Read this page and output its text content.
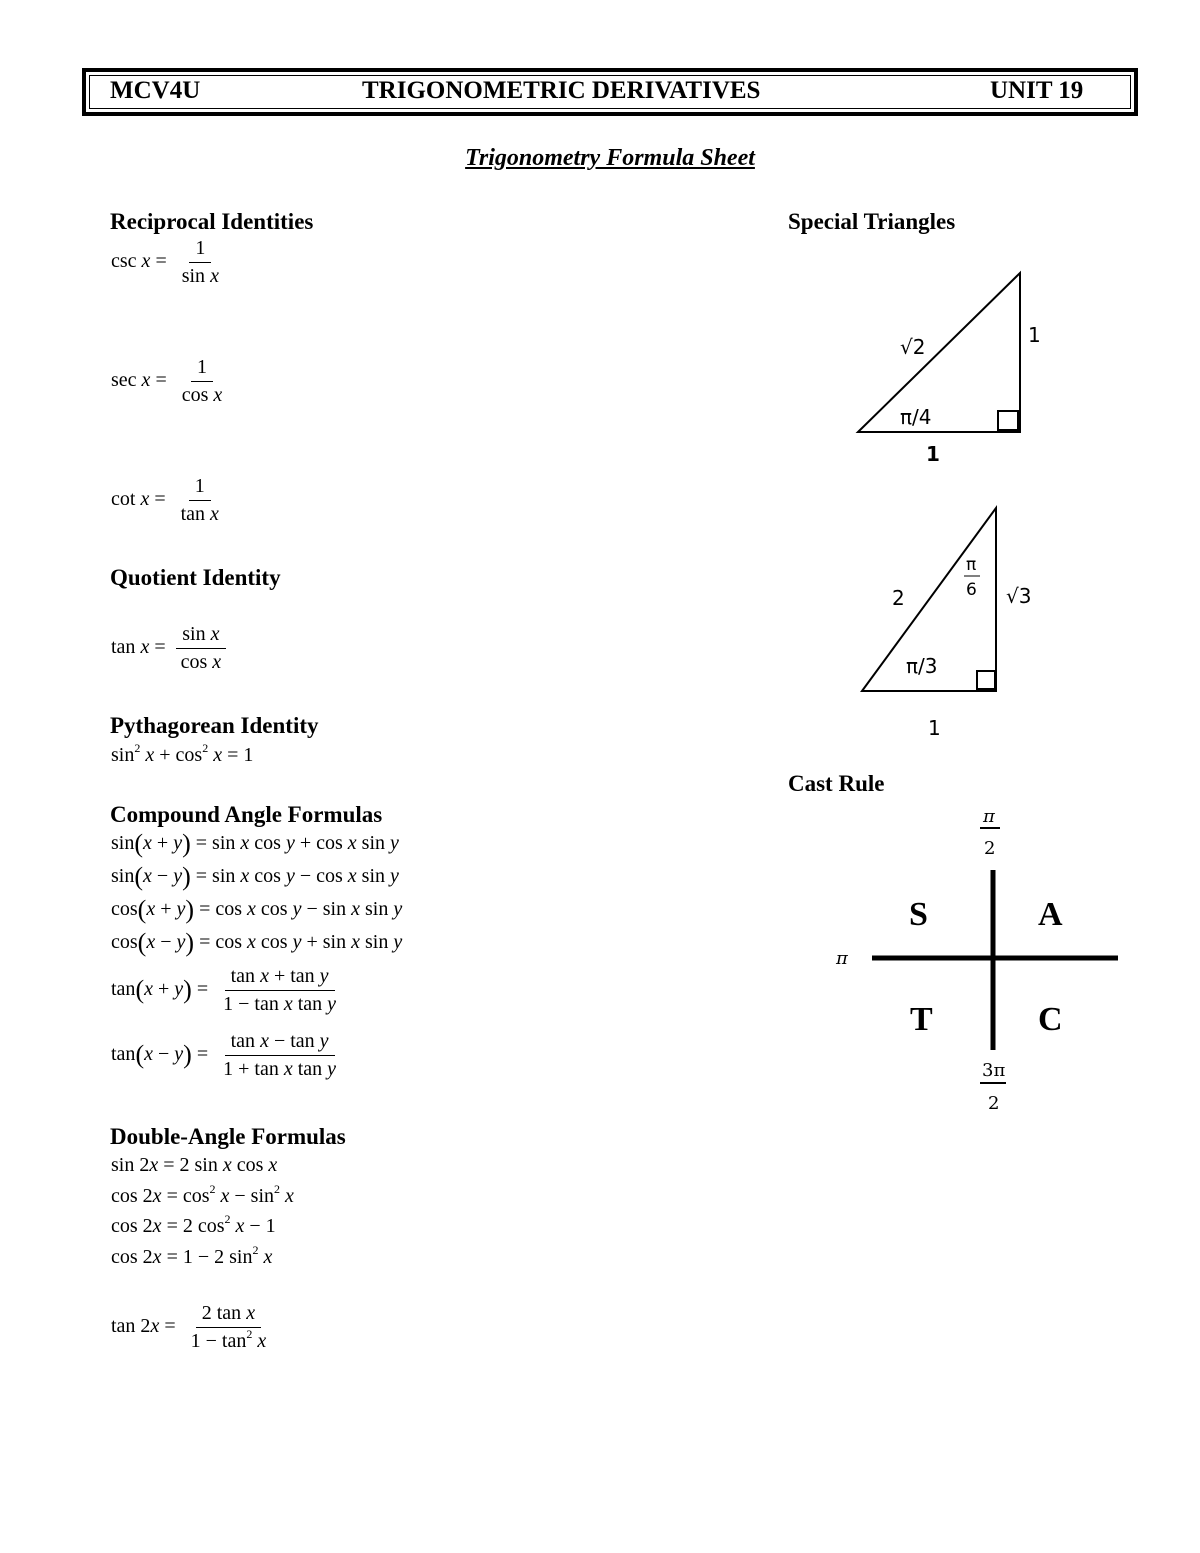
MCV4U	TRIGONOMETRIC DERIVATIVES	UNIT 19
Trigonometry Formula Sheet
Reciprocal Identities
$\csc x = \frac{1}{\text{sin x}}$
$\sec x = \frac{1}{\text{cos x}}$
$\cot x = \frac{1}{\text{tan x}}$
Quotient Identity
$\tan x = \frac{\text{sin x}}{\text{cos x}}$
Pythagorean Identity
$\sin^2 x + \cos^2 x = 1$
Compound Angle Formulas
sin(x + y) = sin x cos y + cos x sin y
sin(x − y) = sin x cos y − cos x sin y
cos(x + y) = cos x cos y − sin x sin y
cos(x − y) = cos x cos y + sin x sin y
$\tan(x + y) = \frac{\text{tan x + tan y}}{\text{1 − tan x tan y}}$
$\tan(x - y) = \frac{\text{tan x − tan y}}{\text{1 + tan x tan y}}$
Double-Angle Formulas
sin 2x = 2 sin x cos x
$\cos 2x = \cos^2 x - \sin^2 x$
cos 2x = 2 $\cos^2 x - 1$
cos 2x = 1 − 2 $\sin^2 x$
$\tan 2x = \frac{\text{2 tan x}}{1 - \tan^2 x}$
Special Triangles
√2	1
π/4
1
2	√3
π/3
π
6
1
Cast Rule
π
2
π
3π
2
S	A
T	C
